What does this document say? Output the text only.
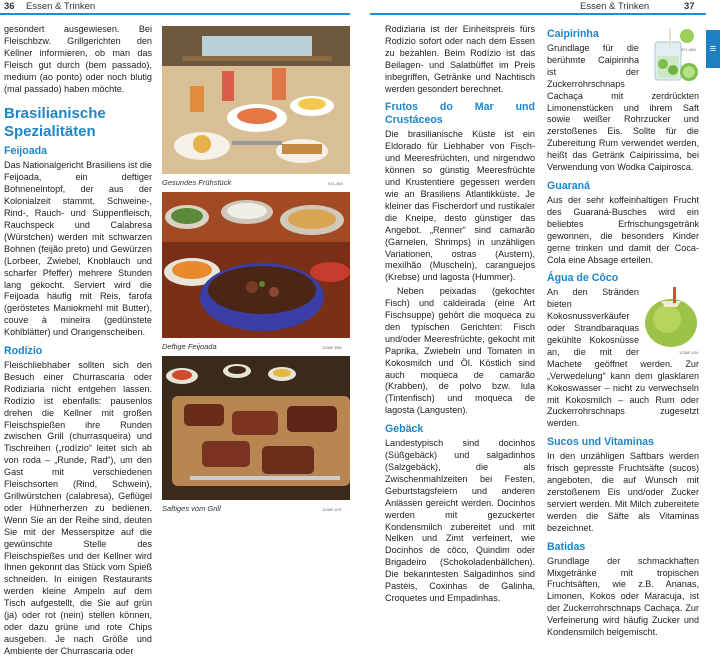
36 Essen & Trinken	Essen & Trinken	37

gesondert ausgewiesen. Bei Fleischbzw. Grillgerichten den Kellner informieren, ob man das Fleisch gut durch (bem passado), medium (ao ponto) oder noch blutig (mal passado) haben möchte.

Brasilianische Spezialitäten
Feijoada

Das Nationalgericht Brasiliens ist die Feijoada, ein deftiger Bohneneintopf, der aus der Kolonialzeit stammt. Schweine-, Rind-, Rauch- und Suppenfleisch, Rauchspeck und Calabresa (Würstchen) werden mit schwarzen Bohnen (feijão preto) und Gewürzen (Lorbeer, Zwiebel, Knoblauch und scharfer Pfeffer) mehrere Stunden lang gekocht. Serviert wird die Feijoada häufig mit Reis, farofa (geröstetes Maniokmehl mit Butter), couve à mineira (gedünstete Kohlblätter) und Orangenscheiben.

Rodízio

Fleischliebhaber sollten sich den Besuch einer Churrascaria oder Rodiziaria nicht entgehen lassen. Rodízio ist ebenfalls: pausenlos drehen die Kellner mit großen Fleischspießen ihre Runden zwischen Grill (churrasqueira) und Tischreihen („rodízio“ leitet sich ab von roda – „Runde, Rad“), um den Gast mit verschiedenen Fleischsorten (Rind, Schwein), Grillwürstchen (calabresa), Geflügel oder Hühnerherzen zu bedienen. Wenn Sie an der Reihe sind, deuten Sie mit der Messerspitze auf die gewünschte Stelle des Fleischspießes und der Kellner wird Ihnen gekonnt das Stück vom Spieß schneiden. In einigen Restaurants werden kleine Ampeln auf dem Tisch aufgestellt, die Sie auf grün (ja) oder rot (nein) stellen können, oder dazu grüne und rote Chips ausgeben. Je nach Größe und Ambiente der Churrascaria oder

Gesundes Frühstück	921-465
Deftige Feijoada	1238F-658
Saftiges vom Grill	1238F-879

Rodiziaria ist der Einheitspreis fürs Rodízio sofort oder nach dem Essen zu bezahlen. Beim Rodízio ist das Beilagen- und Salatbüffet im Preis inbegriffen, Getränke und Nachtisch werden gesondert berechnet.

Frutos do Mar und Crustáceos

Die brasilianische Küste ist ein Eldorado für Liebhaber von Fisch- und Meeresfrüchten, und nirgendwo können so günstig Meeresfrüchte und Krustentiere gegessen werden wie an Brasiliens Atlantikküste. Je kleiner das Fischerdorf und rustikaler die Kneipe, desto günstiger das Angebot. „Renner“ sind camarão (Garnelen, Shrimps) in unzähligen Variationen, ostras (Austern), mexilhão (Muscheln), caranguejos (Krebse) und lagosta (Hummer).

Neben peixadas (gekochter Fisch) und caldeirada (eine Art Fischsuppe) gehört die moqueca zu den typischen Gerichten: Fisch und/oder Meeresfrüchte, gekocht mit Paprika, Zwiebeln und Tomaten in Kokosmilch und Öl. Köstlich sind auch moqueca de camarão (Krabben), de polvo bzw. lula (Tintenfisch) und moqueca de lagosta (Langusten).

Gebäck

Landestypisch sind docinhos (Süßgebäck) und salgadinhos (Salzgebäck), die als Zwischenmahlzeiten bei Festen, Geburtstagsfeiern und anderen Anlässen gereicht werden. Docinhos werden mit gezuckerter Kondensmilch zubereitet und mit Nelken und Zimt verfeinert, wie Docinhos de côco, Quindim oder Brigadeiro (Schokoladenbällchen). Die bekanntesten Salgadinhos sind Pastéis, Coxinhas de Galinha, Croquetes und Empadinhas.

921-484
Caipirinha

Grundlage für die berühmte Caipirinha ist der Zuckerrohrschnaps Cachaça mit zerdrückten Limonenstücken und ihrem Saft sowie weißer Rohrzucker und zerstoßenes Eis. Sollte für die Zubereitung Rum verwendet werden, heißt das Getränk Caipirissima, bei Verwendung von Wodka Caipirosca.

Guaraná

Aus der sehr koffeinhaltigen Frucht des Guaraná-Busches wird ein beliebtes Erfrischungsgetränk gewonnen, die besonders Kinder gerne trinken und damit der Coca-Cola eine Absage erteilen.

Água de Côco
1238F-024

An den Stränden bieten Kokosnussverkäufer oder Strandbaraquas gekühlte Kokosnüsse an, die mit der Machete geöffnet werden. Zur „Verwedelung“ kann dem glasklaren Kokoswasser – nicht zu verwechseln mit Kokosmilch – auch Rum oder Zuckerrohrschnaps zugesetzt werden.

Sucos und Vitaminas

In den unzähligen Saftbars werden frisch gepresste Fruchtsäfte (sucos) angeboten, die auf Wunsch mit zerstoßenem Eis und/oder Zucker serviert werden. Mit Milch zubereitete werden die Säfte als Vitaminas bezeichnet.

Batidas

Grundlage der schmackhaften Mixgetränke mit tropischen Fruchtsäften, wie z.B. Ananas, Limonen, Kokos oder Maracuja, ist der Zuckerrohrschnaps Cachaça. Zur Verfeinerung wird häufig Zucker und Kondensmilch beigemischt.

≡
